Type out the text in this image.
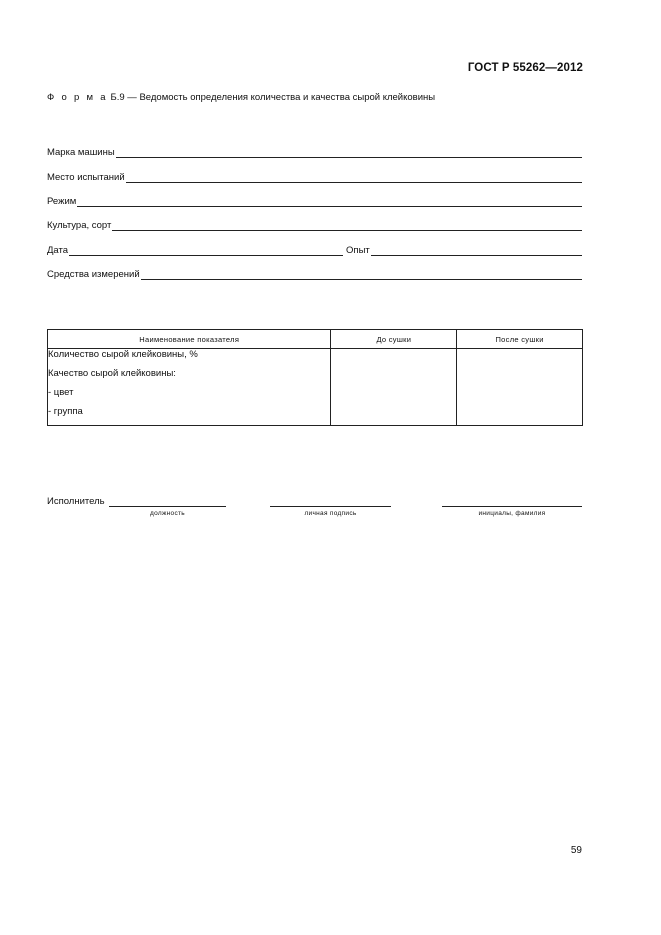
ГОСТ Р 55262—2012
Ф о р м а Б.9 — Ведомость определения количества и качества сырой клейковины
Марка машины
Место испытаний
Режим
Культура, сорт
Дата	Опыт
Средства измерений
Наименование показателя	До сушки	После сушки

Количество сырой клейковины, %
Качество сырой клейковины:
- цвет
- группа		

Исполнитель
должность	личная подпись	инициалы, фамилия
59
